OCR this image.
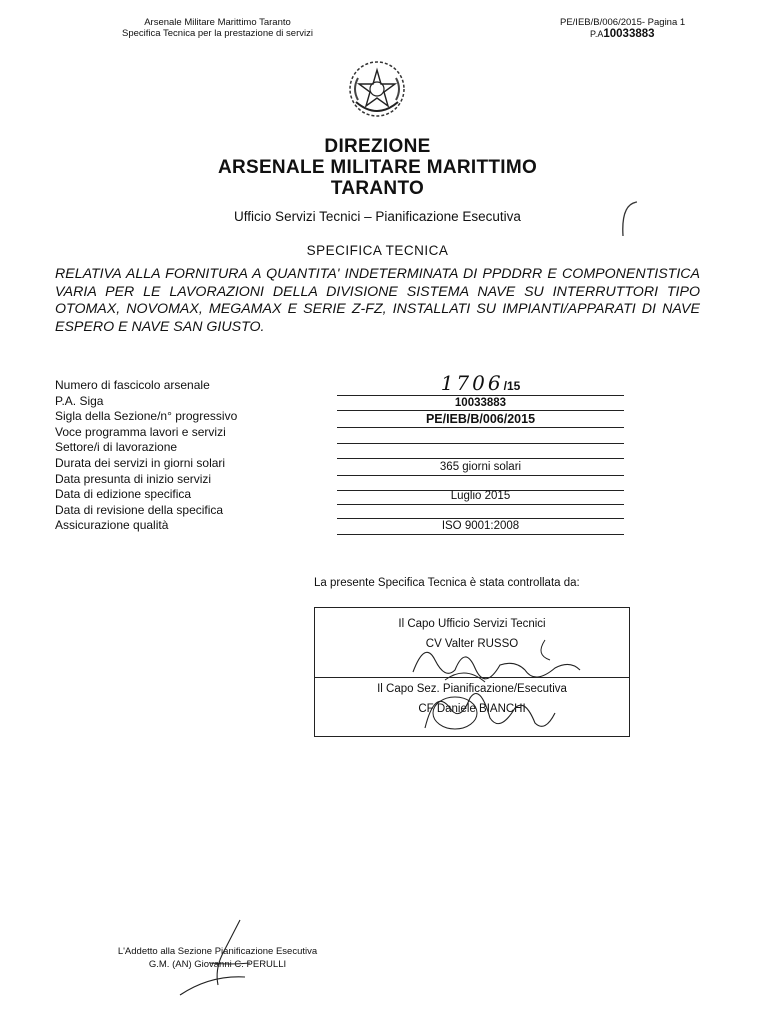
Arsenale Militare Marittimo Taranto
Specifica Tecnica per la prestazione di servizi
PE/IEB/B/006/2015- Pagina 1
P.A10033883
DIREZIONE
ARSENALE MILITARE MARITTIMO
TARANTO
Ufficio Servizi Tecnici – Pianificazione Esecutiva
SPECIFICA TECNICA
RELATIVA ALLA FORNITURA A QUANTITA' INDETERMINATA DI PPDDRR E COMPONENTISTICA VARIA PER LE LAVORAZIONI DELLA DIVISIONE SISTEMA NAVE SU INTERRUTTORI TIPO OTOMAX, NOVOMAX, MEGAMAX E SERIE Z-FZ, INSTALLATI SU IMPIANTI/APPARATI DI NAVE ESPERO E NAVE SAN GIUSTO.
Numero di fascicolo arsenale
P.A. Siga
Sigla della Sezione/n° progressivo
Voce programma lavori e servizi
Settore/i di lavorazione
Durata dei servizi in giorni solari
Data presunta di inizio servizi
Data di edizione specifica
Data di revisione della specifica
Assicurazione qualità
1706/15
10033883
PE/IEB/B/006/2015
365 giorni solari
Luglio 2015
ISO 9001:2008
La presente Specifica Tecnica è stata controllata da:
Il Capo Ufficio Servizi Tecnici
CV Valter RUSSO
Il Capo Sez. Pianificazione/Esecutiva
CF Daniele BIANCHI
L'Addetto alla Sezione Pianificazione Esecutiva
G.M. (AN) Giovanni C. PERULLI
